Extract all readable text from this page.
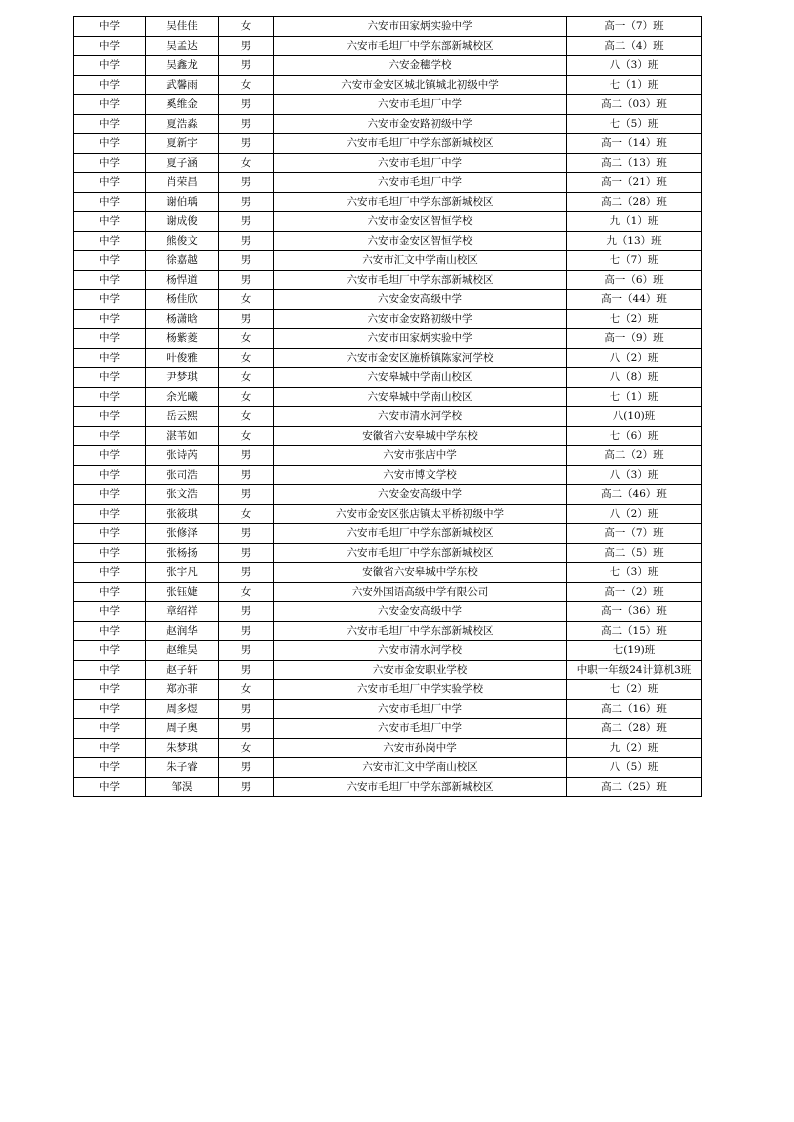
中学	吴佳佳	女	六安市田家炳实验中学	高一（7）班
中学	吴孟达	男	六安市毛坦厂中学东部新城校区	高二（4）班
中学	吴鑫龙	男	六安金穗学校	八（3）班
中学	武馨雨	女	六安市金安区城北镇城北初级中学	七（1）班
中学	奚维金	男	六安市毛坦厂中学	高二（03）班
中学	夏浩淼	男	六安市金安路初级中学	七（5）班
中学	夏新宇	男	六安市毛坦厂中学东部新城校区	高一（14）班
中学	夏子涵	女	六安市毛坦厂中学	高二（13）班
中学	肖荣昌	男	六安市毛坦厂中学	高一（21）班
中学	谢伯瑀	男	六安市毛坦厂中学东部新城校区	高二（28）班
中学	谢成俊	男	六安市金安区智恒学校	九（1）班
中学	熊俊文	男	六安市金安区智恒学校	九（13）班
中学	徐嘉越	男	六安市汇文中学南山校区	七（7）班
中学	杨悍道	男	六安市毛坦厂中学东部新城校区	高一（6）班
中学	杨佳欣	女	六安金安高级中学	高一（44）班
中学	杨潇晗	男	六安市金安路初级中学	七（2）班
中学	杨紫菱	女	六安市田家炳实验中学	高一（9）班
中学	叶俊雅	女	六安市金安区施桥镇陈家河学校	八（2）班
中学	尹梦琪	女	六安皋城中学南山校区	八（8）班
中学	余光曦	女	六安皋城中学南山校区	七（1）班
中学	岳云熙	女	六安市清水河学校	八(10)班
中学	湛苇如	女	安徽省六安皋城中学东校	七（6）班
中学	张诗芮	男	六安市张店中学	高二（2）班
中学	张司浩	男	六安市博文学校	八（3）班
中学	张文浩	男	六安金安高级中学	高二（46）班
中学	张筱琪	女	六安市金安区张店镇太平桥初级中学	八（2）班
中学	张修泽	男	六安市毛坦厂中学东部新城校区	高一（7）班
中学	张杨扬	男	六安市毛坦厂中学东部新城校区	高二（5）班
中学	张宇凡	男	安徽省六安皋城中学东校	七（3）班
中学	张钰婕	女	六安外国语高级中学有限公司	高一（2）班
中学	章绍祥	男	六安金安高级中学	高一（36）班
中学	赵润华	男	六安市毛坦厂中学东部新城校区	高二（15）班
中学	赵维昊	男	六安市清水河学校	七(19)班
中学	赵子轩	男	六安市金安职业学校	中职一年级24计算机3班
中学	郑亦菲	女	六安市毛坦厂中学实验学校	七（2）班
中学	周多煜	男	六安市毛坦厂中学	高二（16）班
中学	周子奥	男	六安市毛坦厂中学	高二（28）班
中学	朱梦琪	女	六安市孙岗中学	九（2）班
中学	朱子睿	男	六安市汇文中学南山校区	八（5）班
中学	邹淏	男	六安市毛坦厂中学东部新城校区	高二（25）班
